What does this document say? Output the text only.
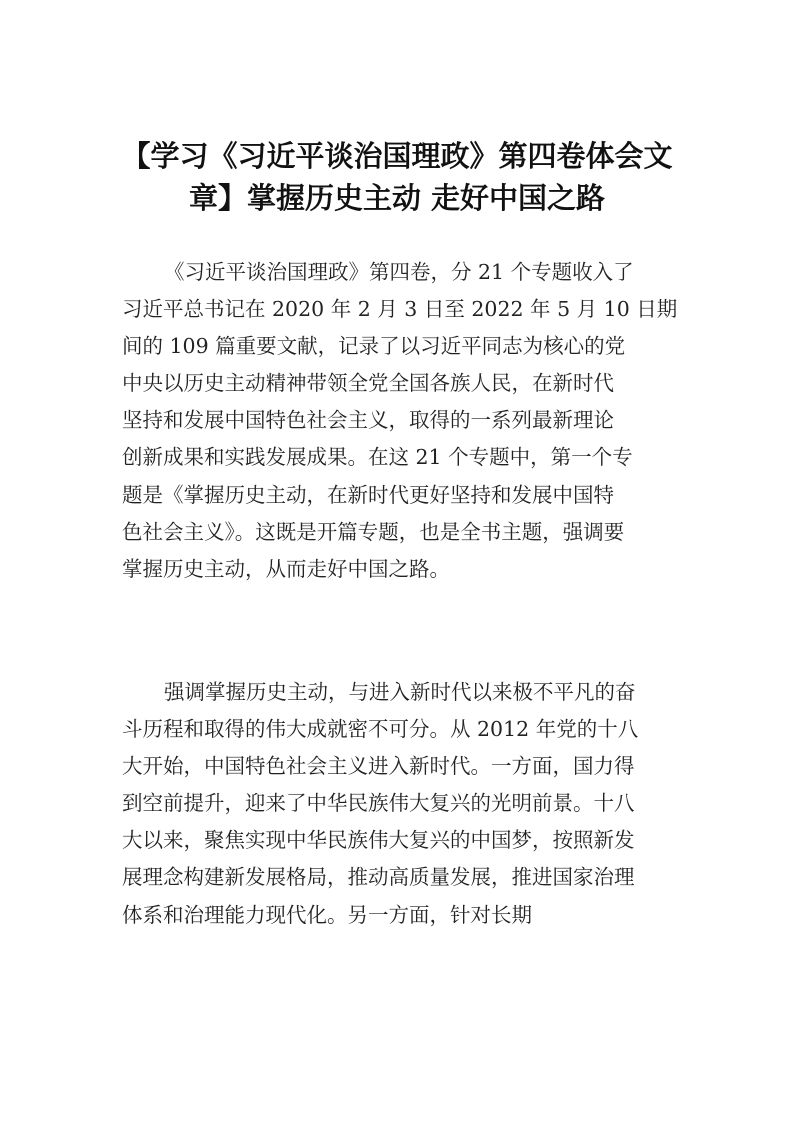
【学习《习近平谈治国理政》第四卷体会文
章】掌握历史主动 走好中国之路
《习近平谈治国理政》第四卷，分 21 个专题收入了
习近平总书记在 2020 年 2 月 3 日至 2022 年 5 月 10 日期
间的 109 篇重要文献，记录了以习近平同志为核心的党
中央以历史主动精神带领全党全国各族人民，在新时代
坚持和发展中国特色社会主义，取得的一系列最新理论
创新成果和实践发展成果。在这 21 个专题中，第一个专
题是《掌握历史主动，在新时代更好坚持和发展中国特
色社会主义》。这既是开篇专题，也是全书主题，强调要
掌握历史主动，从而走好中国之路。
强调掌握历史主动，与进入新时代以来极不平凡的奋
斗历程和取得的伟大成就密不可分。从 2012 年党的十八
大开始，中国特色社会主义进入新时代。一方面，国力得
到空前提升，迎来了中华民族伟大复兴的光明前景。十八
大以来，聚焦实现中华民族伟大复兴的中国梦，按照新发
展理念构建新发展格局，推动高质量发展，推进国家治理
体系和治理能力现代化。另一方面，针对长期
